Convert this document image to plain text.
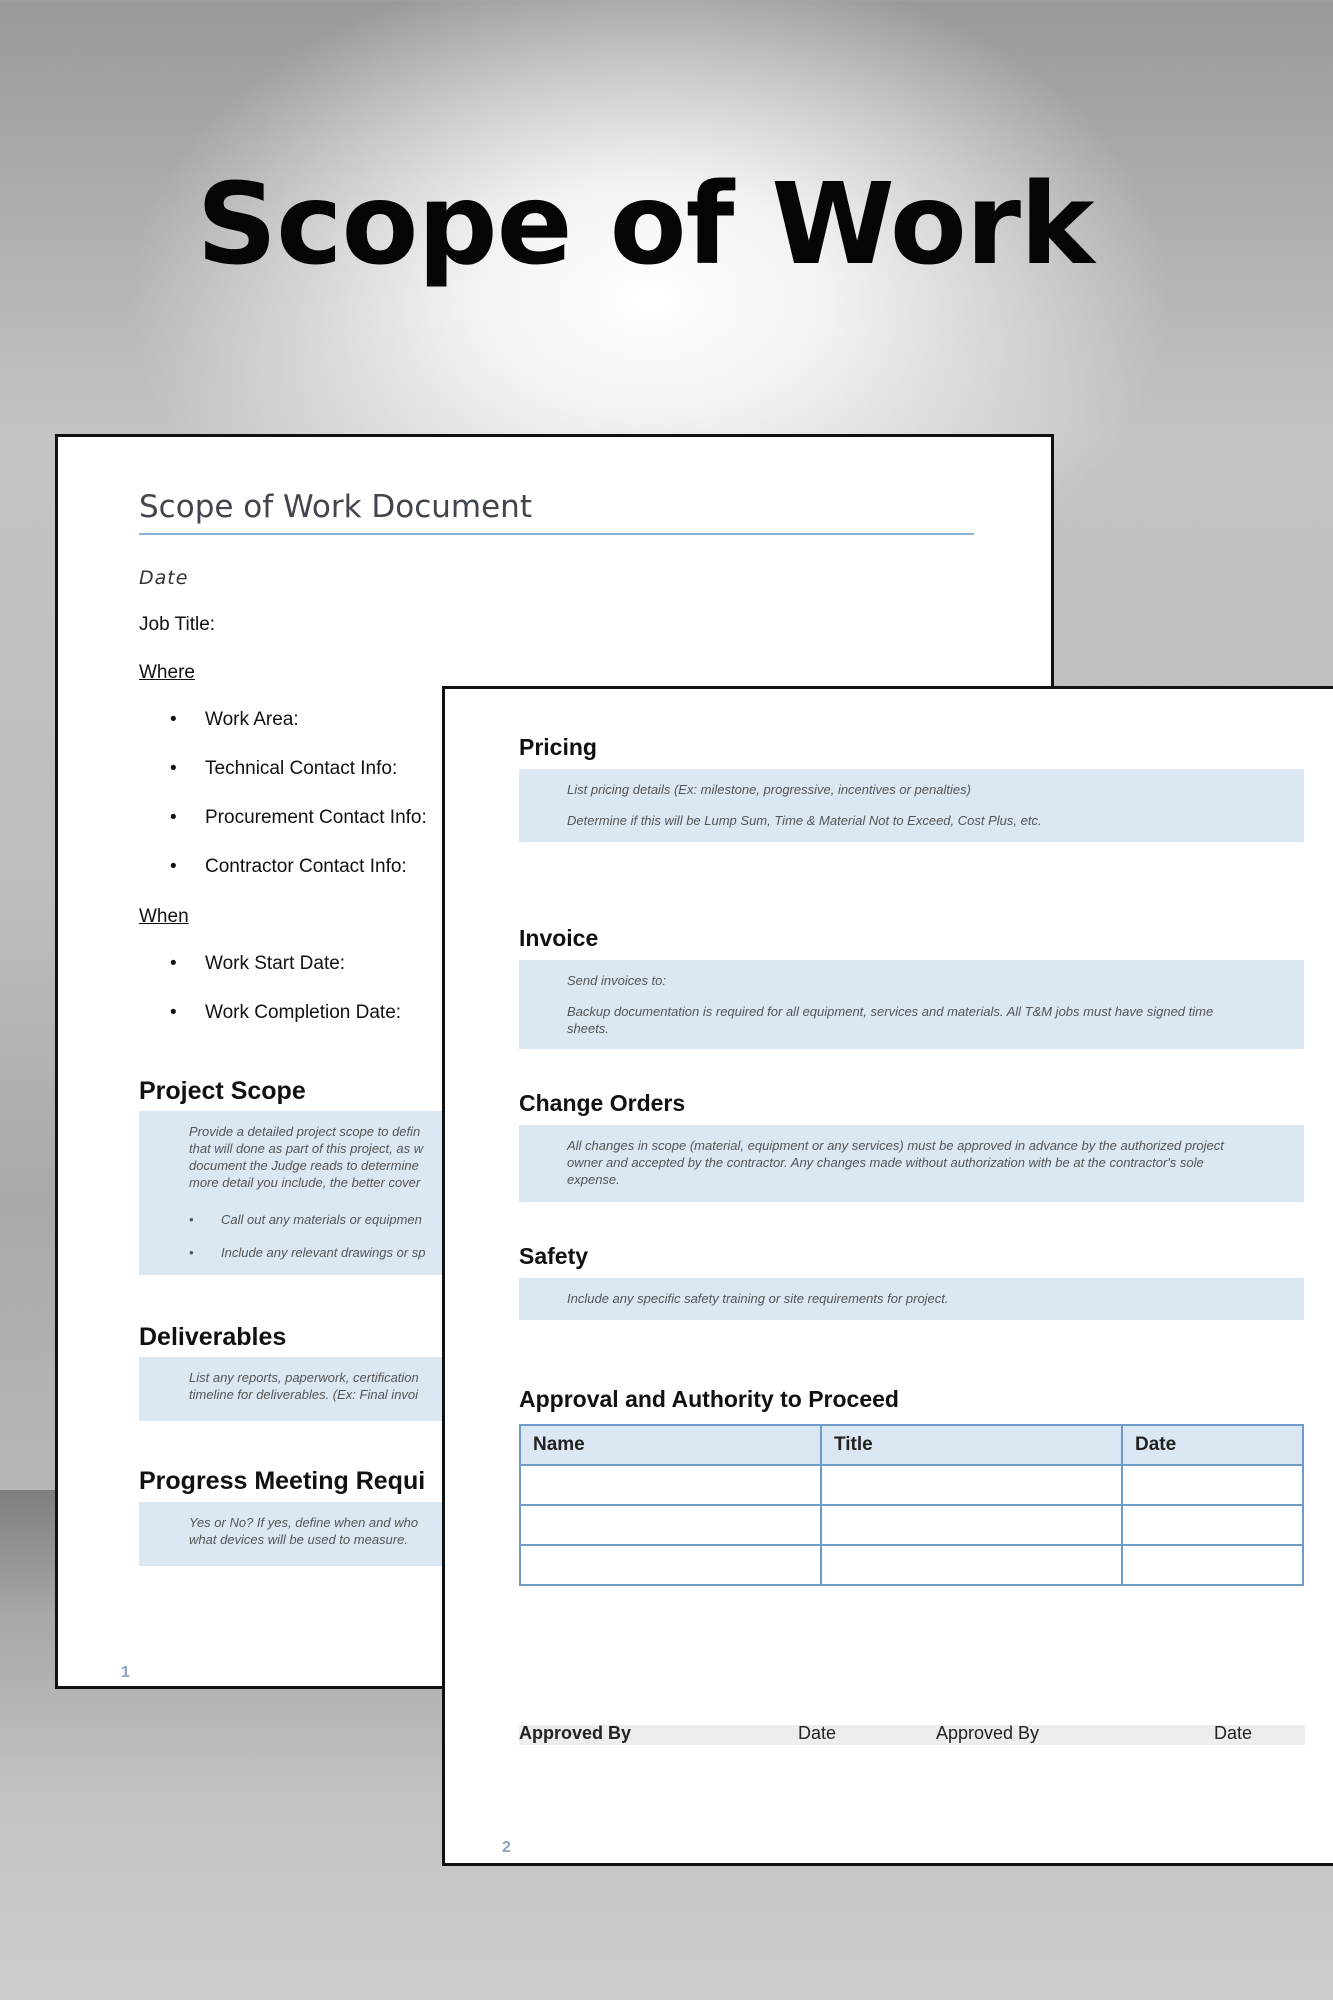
Scope of Work
Scope of Work Document
Date
Job Title:
Where
Work Area:
Technical Contact Info:
Procurement Contact Info:
Contractor Contact Info:
When
Work Start Date:
Work Completion Date:
Project Scope
Provide a detailed project scope to defin
that will done as part of this project, as w
document the Judge reads to determine
more detail you include, the better cover
• Call out any materials or equipmen
• Include any relevant drawings or sp
Deliverables
List any reports, paperwork, certification
timeline for deliverables. (Ex: Final invoi
Progress Meeting Requi
Yes or No? If yes, define when and who
what devices will be used to measure.
1
Pricing
List pricing details (Ex: milestone, progressive, incentives or penalties)
Determine if this will be Lump Sum, Time & Material Not to Exceed, Cost Plus, etc.
Invoice
Send invoices to:
Backup documentation is required for all equipment, services and materials. All T&M jobs must have signed time
sheets.
Change Orders
All changes in scope (material, equipment or any services) must be approved in advance by the authorized project
owner and accepted by the contractor. Any changes made without authorization with be at the contractor's sole
expense.
Safety
Include any specific safety training or site requirements for project.
Approval and Authority to Proceed
Name	Title	Date

Approved By	Date	Approved By	Date
2
